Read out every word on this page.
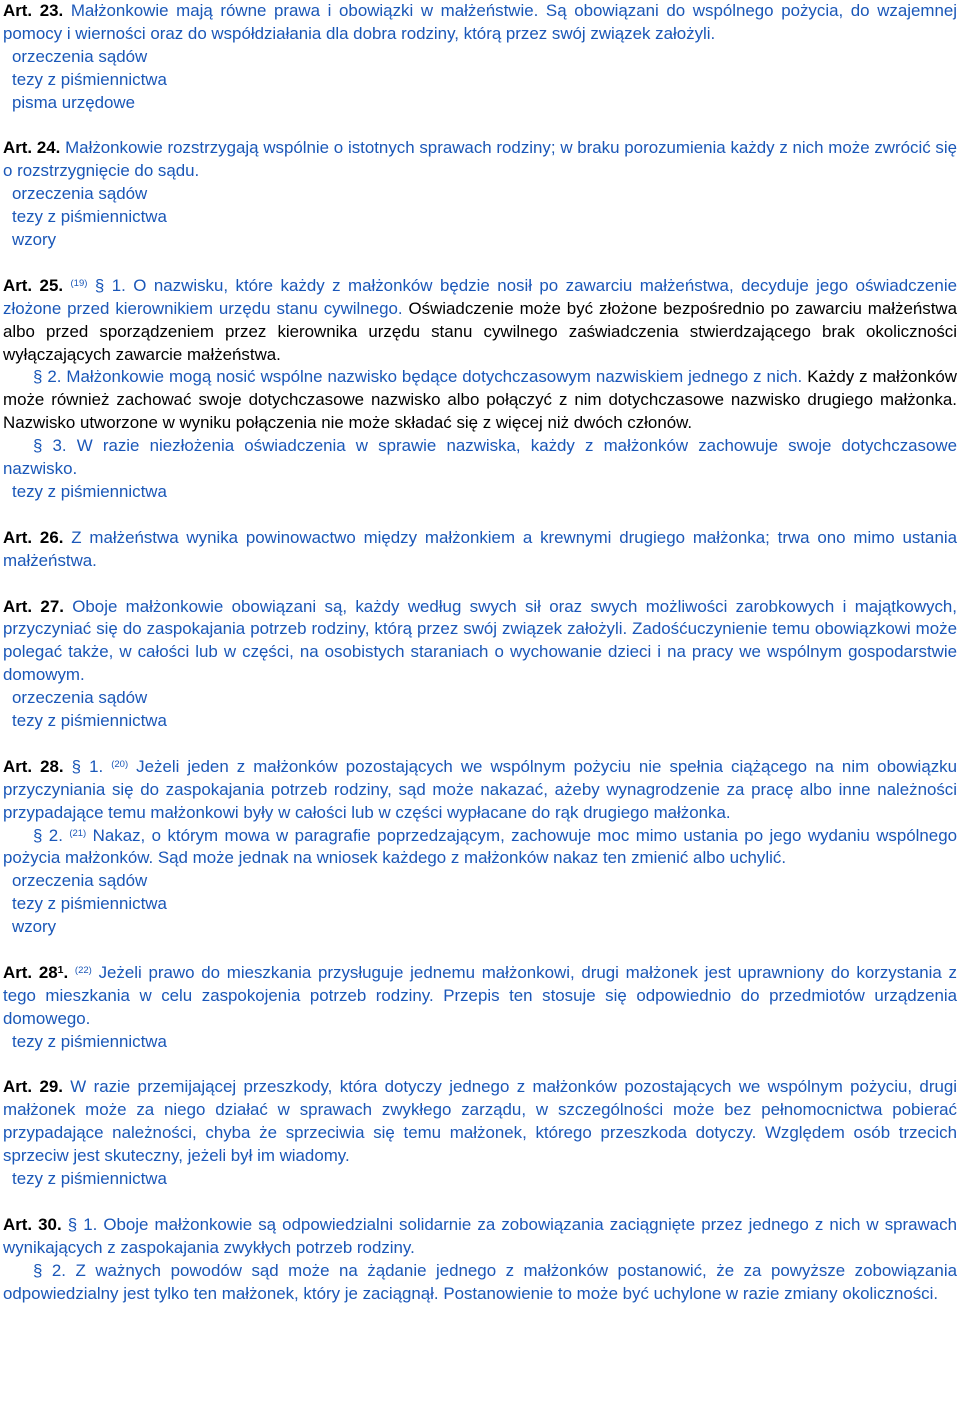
Art. 23. Małżonkowie mają równe prawa i obowiązki w małżeństwie. Są obowiązani do wspólnego pożycia, do wzajemnej pomocy i wierności oraz do współdziałania dla dobra rodziny, którą przez swój związek założyli.

orzeczenia sądów
tezy z piśmiennictwa
pisma urzędowe

Art. 24. Małżonkowie rozstrzygają wspólnie o istotnych sprawach rodziny; w braku porozumienia każdy z nich może zwrócić się o rozstrzygnięcie do sądu.

orzeczenia sądów
tezy z piśmiennictwa
wzory

Art. 25. $^{(19)}$ § 1. O nazwisku, które każdy z małżonków będzie nosił po zawarciu małżeństwa, decyduje jego oświadczenie złożone przed kierownikiem urzędu stanu cywilnego. Oświadczenie może być złożone bezpośrednio po zawarciu małżeństwa albo przed sporządzeniem przez kierownika urzędu stanu cywilnego zaświadczenia stwierdzającego brak okoliczności wyłączających zawarcie małżeństwa.

§ 2. Małżonkowie mogą nosić wspólne nazwisko będące dotychczasowym nazwiskiem jednego z nich. Każdy z małżonków może również zachować swoje dotychczasowe nazwisko albo połączyć z nim dotychczasowe nazwisko drugiego małżonka. Nazwisko utworzone w wyniku połączenia nie może składać się z więcej niż dwóch członów.

§ 3. W razie niezłożenia oświadczenia w sprawie nazwiska, każdy z małżonków zachowuje swoje dotychczasowe nazwisko.

tezy z piśmiennictwa

Art. 26. Z małżeństwa wynika powinowactwo między małżonkiem a krewnymi drugiego małżonka; trwa ono mimo ustania małżeństwa.

Art. 27. Oboje małżonkowie obowiązani są, każdy według swych sił oraz swych możliwości zarobkowych i majątkowych, przyczyniać się do zaspokajania potrzeb rodziny, którą przez swój związek założyli. Zadośćuczynienie temu obowiązkowi może polegać także, w całości lub w części, na osobistych staraniach o wychowanie dzieci i na pracy we wspólnym gospodarstwie domowym.

orzeczenia sądów
tezy z piśmiennictwa

Art. 28. § 1. $^{(20)}$ Jeżeli jeden z małżonków pozostających we wspólnym pożyciu nie spełnia ciążącego na nim obowiązku przyczyniania się do zaspokajania potrzeb rodziny, sąd może nakazać, ażeby wynagrodzenie za pracę albo inne należności przypadające temu małżonkowi były w całości lub w części wypłacane do rąk drugiego małżonka.

§ 2. $^{(21)}$ Nakaz, o którym mowa w paragrafie poprzedzającym, zachowuje moc mimo ustania po jego wydaniu wspólnego pożycia małżonków. Sąd może jednak na wniosek każdego z małżonków nakaz ten zmienić albo uchylić.

orzeczenia sądów
tezy z piśmiennictwa
wzory

Art. $28^1$. $^{(22)}$ Jeżeli prawo do mieszkania przysługuje jednemu małżonkowi, drugi małżonek jest uprawniony do korzystania z tego mieszkania w celu zaspokojenia potrzeb rodziny. Przepis ten stosuje się odpowiednio do przedmiotów urządzenia domowego.

tezy z piśmiennictwa

Art. 29. W razie przemijającej przeszkody, która dotyczy jednego z małżonków pozostających we wspólnym pożyciu, drugi małżonek może za niego działać w sprawach zwykłego zarządu, w szczególności może bez pełnomocnictwa pobierać przypadające należności, chyba że sprzeciwia się temu małżonek, którego przeszkoda dotyczy. Względem osób trzecich sprzeciw jest skuteczny, jeżeli był im wiadomy.

tezy z piśmiennictwa

Art. 30. § 1. Oboje małżonkowie są odpowiedzialni solidarnie za zobowiązania zaciągnięte przez jednego z nich w sprawach wynikających z zaspokajania zwykłych potrzeb rodziny.

§ 2. Z ważnych powodów sąd może na żądanie jednego z małżonków postanowić, że za powyższe zobowiązania odpowiedzialny jest tylko ten małżonek, który je zaciągnął. Postanowienie to może być uchylone w razie zmiany okoliczności.
